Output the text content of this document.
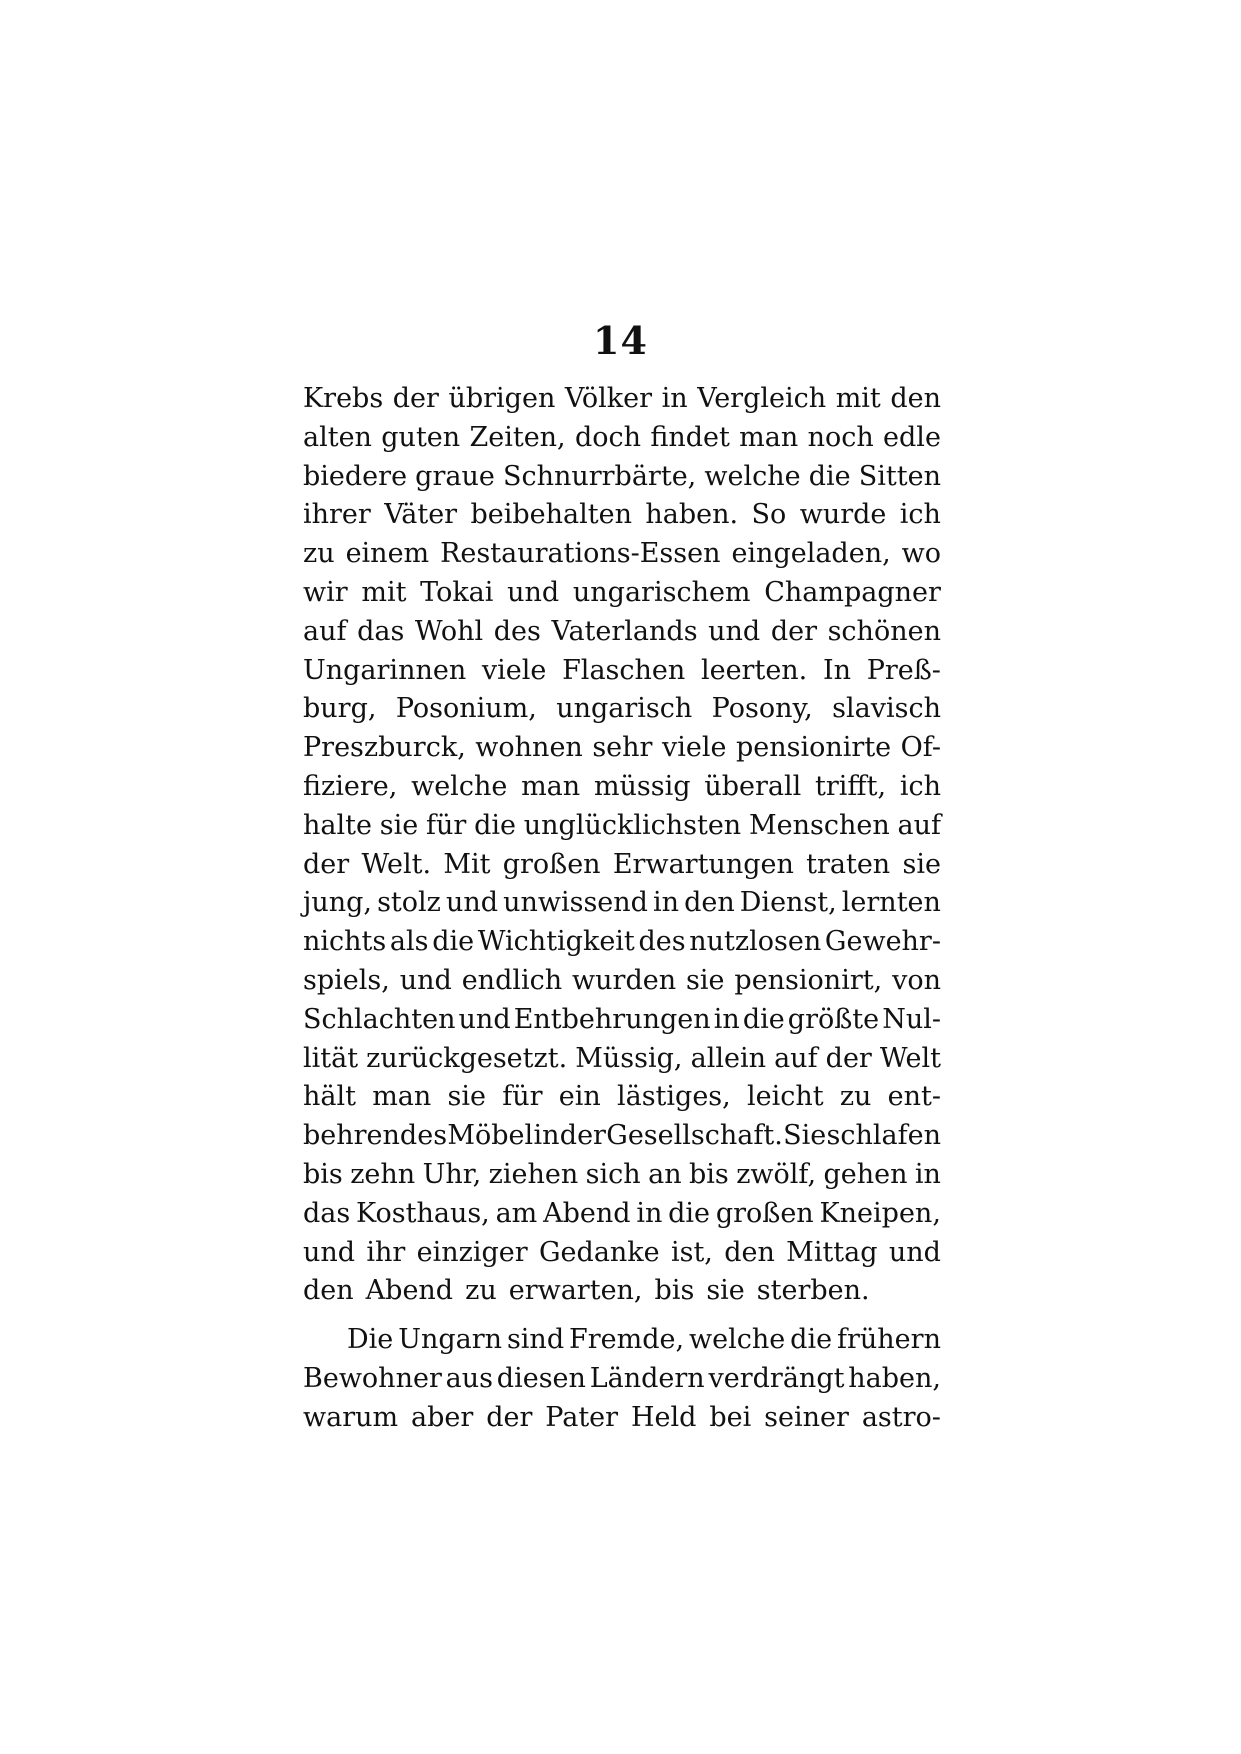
14
Krebs der übrigen Völker in Vergleich mit den
alten guten Zeiten, doch findet man noch edle
biedere graue Schnurrbärte, welche die Sitten
ihrer Väter beibehalten haben. So wurde ich
zu einem Restaurations-Essen eingeladen, wo
wir mit Tokai und ungarischem Champagner
auf das Wohl des Vaterlands und der schönen
Ungarinnen viele Flaschen leerten. In Preß-
burg, Posonium, ungarisch Posony, slavisch
Preszburck, wohnen sehr viele pensionirte Of-
fiziere, welche man müssig überall trifft, ich
halte sie für die unglücklichsten Menschen auf
der Welt. Mit großen Erwartungen traten sie
jung, stolz und unwissend in den Dienst, lernten
nichts als die Wichtigkeit des nutzlosen Gewehr-
spiels, und endlich wurden sie pensionirt, von
Schlachten und Entbehrungen in die größte Nul-
lität zurückgesetzt. Müssig, allein auf der Welt
hält man sie für ein lästiges, leicht zu ent-
behrendes Möbel in der Gesellschaft. Sie schlafen
bis zehn Uhr, ziehen sich an bis zwölf, gehen in
das Kosthaus, am Abend in die großen Kneipen,
und ihr einziger Gedanke ist, den Mittag und
den Abend zu erwarten, bis sie sterben.
Die Ungarn sind Fremde, welche die frühern
Bewohner aus diesen Ländern verdrängt haben,
warum aber der Pater Held bei seiner astro-
